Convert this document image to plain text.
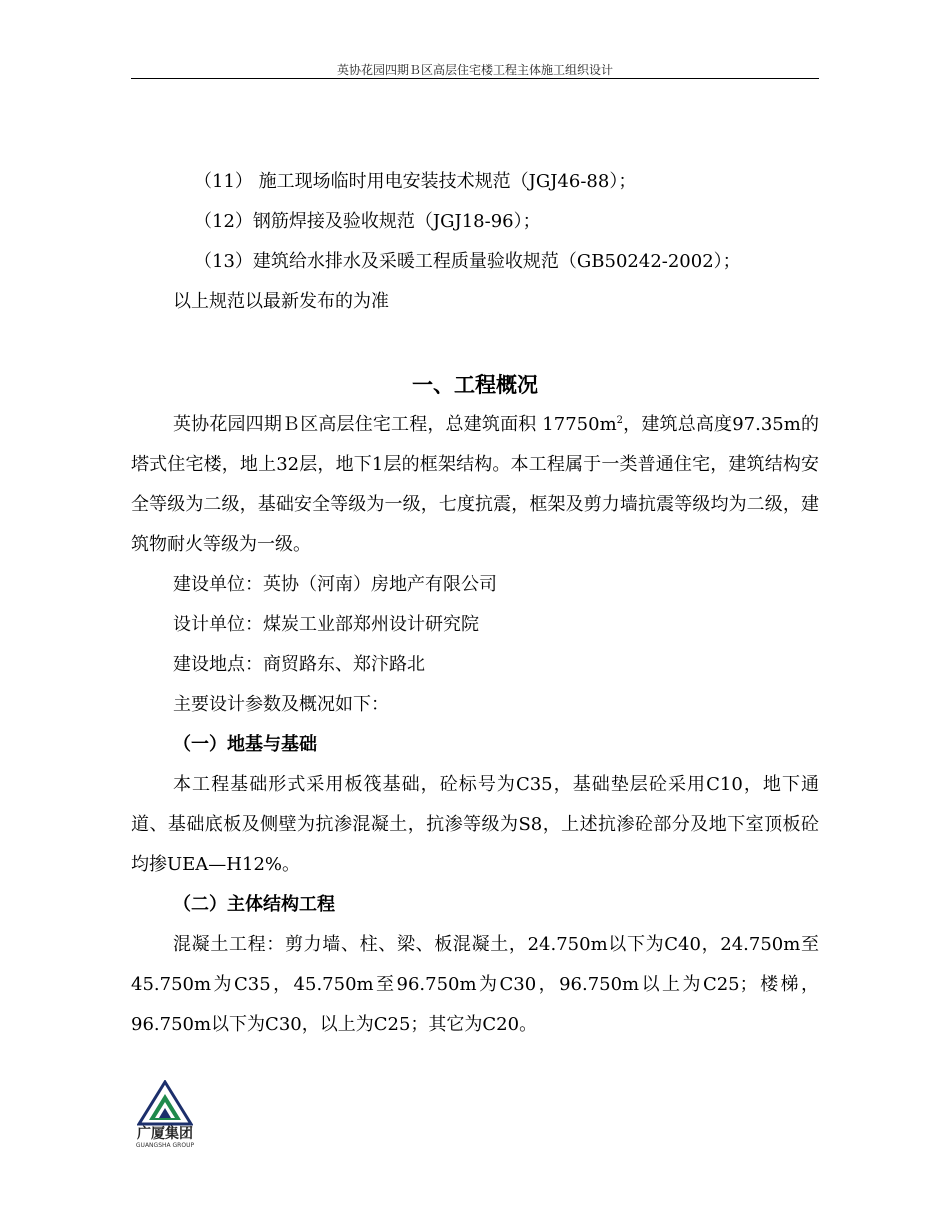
英协花园四期Ｂ区高层住宅楼工程主体施工组织设计
（11） 施工现场临时用电安装技术规范（JGJ46-88）；
（12）钢筋焊接及验收规范（JGJ18-96）；
（13）建筑给水排水及采暖工程质量验收规范（GB50242-2002）；
以上规范以最新发布的为准
一、工程概况

英协花园四期Ｂ区高层住宅工程，总建筑面积 $17750m^2$，建筑总高度97.35m的塔式住宅楼，地上32层，地下1层的框架结构。本工程属于一类普通住宅，建筑结构安全等级为二级，基础安全等级为一级，七度抗震，框架及剪力墙抗震等级均为二级，建筑物耐火等级为一级。

建设单位：英协（河南）房地产有限公司

设计单位：煤炭工业部郑州设计研究院

建设地点：商贸路东、郑汴路北

主要设计参数及概况如下：

（一）地基与基础

本工程基础形式采用板筏基础，砼标号为C35，基础垫层砼采用C10，地下通道、基础底板及侧壁为抗渗混凝土，抗渗等级为S8，上述抗渗砼部分及地下室顶板砼均掺UEA—H12%。

（二）主体结构工程

混凝土工程：剪力墙、柱、梁、板混凝土，24.750m以下为C40，24.750m至45.750m为C35，45.750m至96.750m为C30，96.750m以上为C25；楼梯，96.750m以下为C30，以上为C25；其它为C20。

广厦集团
GUANGSHA GROUP
